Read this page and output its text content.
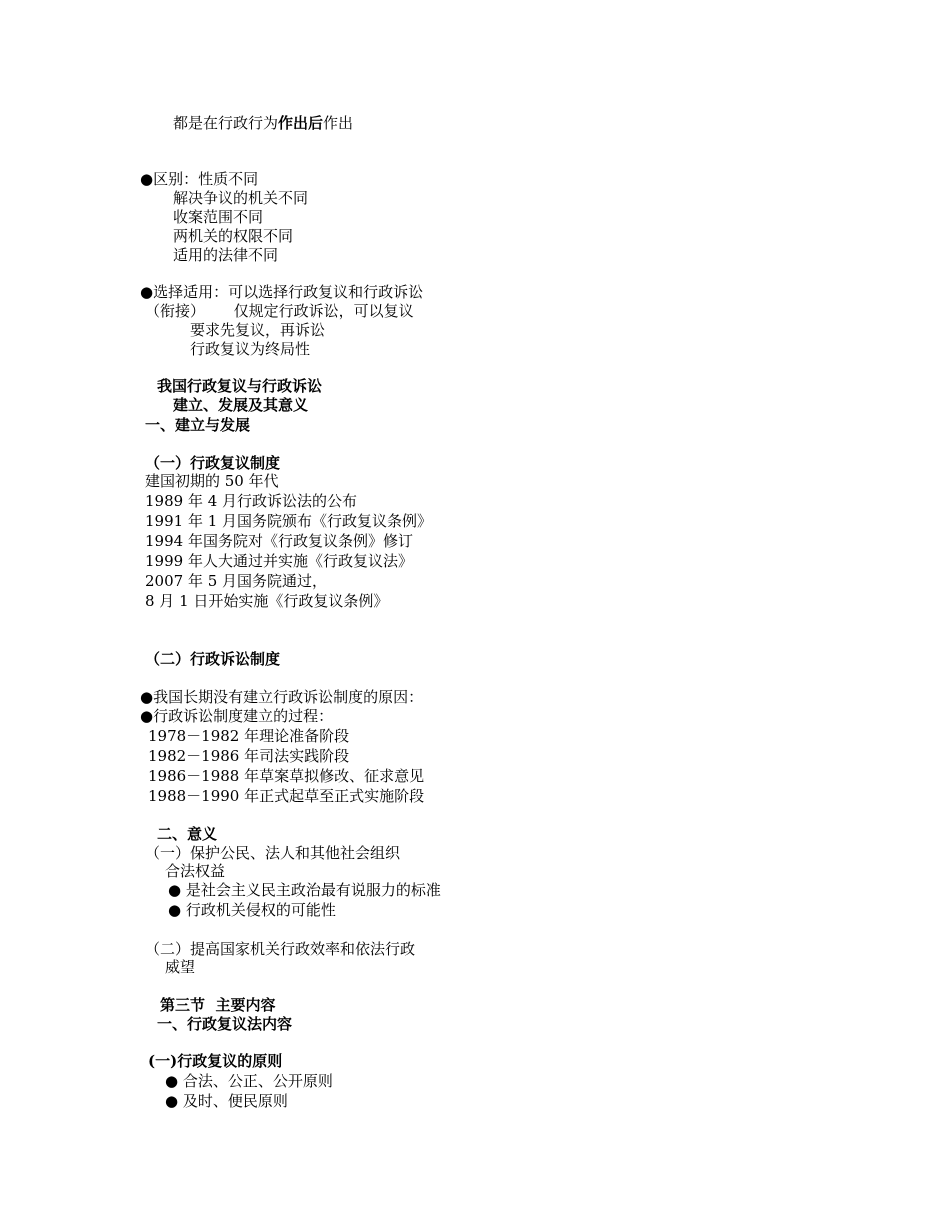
都是在行政行为作出后作出
●区别：性质不同
解决争议的机关不同
收案范围不同
两机关的权限不同
适用的法律不同
●选择适用：可以选择行政复议和行政诉讼
（衔接）      仅规定行政诉讼，可以复议
要求先复议，再诉讼
行政复议为终局性
我国行政复议与行政诉讼
建立、发展及其意义
一、建立与发展
（一）行政复议制度
建国初期的 50 年代
1989 年 4 月行政诉讼法的公布
1991 年 1 月国务院颁布《行政复议条例》
1994 年国务院对《行政复议条例》修订
1999 年人大通过并实施《行政复议法》
2007 年 5 月国务院通过，
8 月 1 日开始实施《行政复议条例》
（二）行政诉讼制度
●我国长期没有建立行政诉讼制度的原因：
●行政诉讼制度建立的过程：
1978－1982 年理论准备阶段
1982－1986 年司法实践阶段
1986－1988 年草案草拟修改、征求意见
1988－1990 年正式起草至正式实施阶段
二、意义
（一）保护公民、法人和其他社会组织
合法权益
● 是社会主义民主政治最有说服力的标准
● 行政机关侵权的可能性
（二）提高国家机关行政效率和依法行政
威望
第三节  主要内容
一、行政复议法内容
(一)行政复议的原则
● 合法、公正、公开原则
● 及时、便民原则
